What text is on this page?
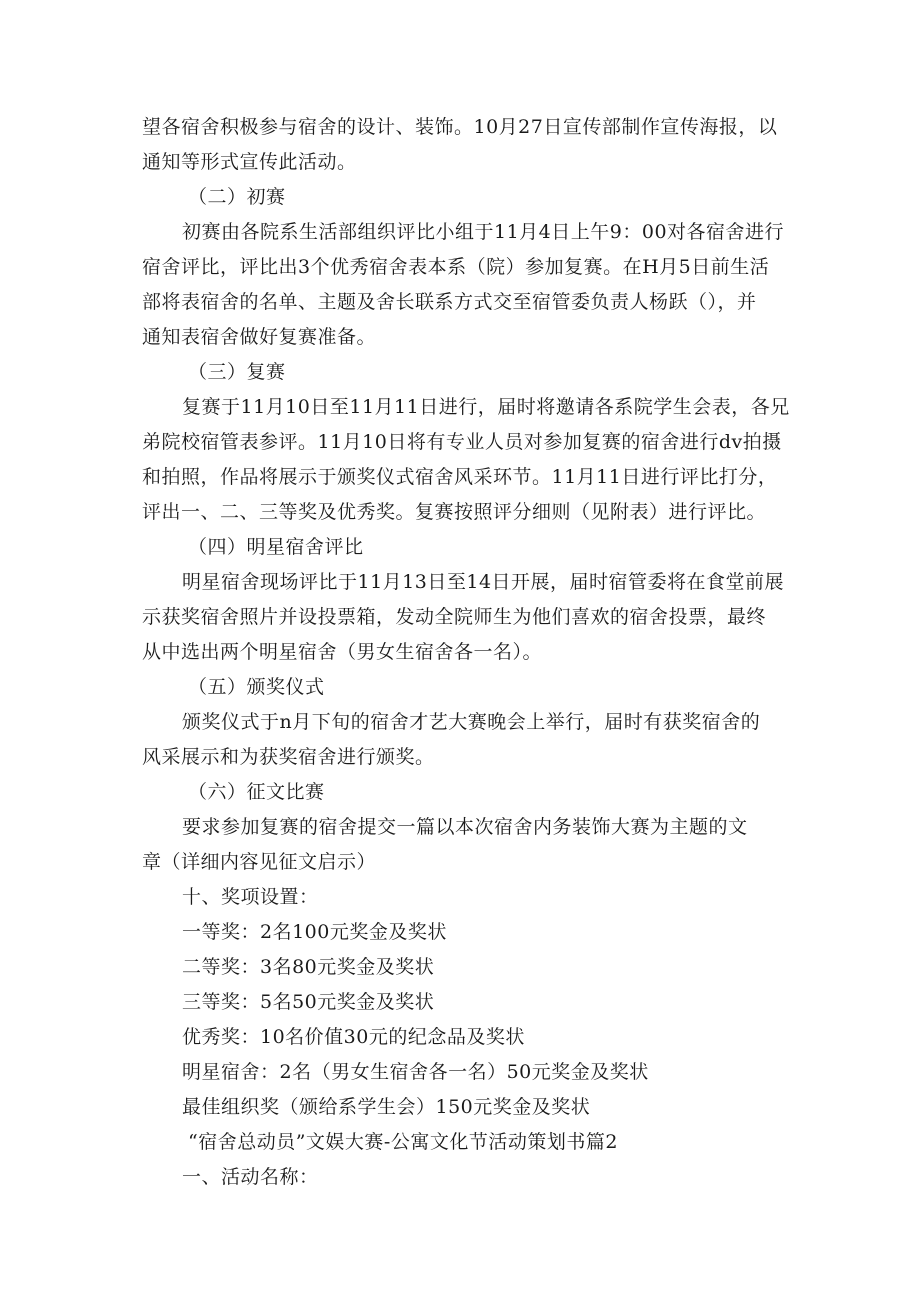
望各宿舍积极参与宿舍的设计、装饰。10月27日宣传部制作宣传海报，以
通知等形式宣传此活动。
（二）初赛
初赛由各院系生活部组织评比小组于11月4日上午9：00对各宿舍进行
宿舍评比，评比出3个优秀宿舍表本系（院）参加复赛。在H月5日前生活
部将表宿舍的名单、主题及舍长联系方式交至宿管委负责人杨跃（），并
通知表宿舍做好复赛准备。
（三）复赛
复赛于11月10日至11月11日进行，届时将邀请各系院学生会表，各兄
弟院校宿管表参评。11月10日将有专业人员对参加复赛的宿舍进行dv拍摄
和拍照，作品将展示于颁奖仪式宿舍风采环节。11月11日进行评比打分，
评出一、二、三等奖及优秀奖。复赛按照评分细则（见附表）进行评比。
（四）明星宿舍评比
明星宿舍现场评比于11月13日至14日开展，届时宿管委将在食堂前展
示获奖宿舍照片并设投票箱，发动全院师生为他们喜欢的宿舍投票，最终
从中选出两个明星宿舍（男女生宿舍各一名）。
（五）颁奖仪式
颁奖仪式于n月下旬的宿舍才艺大赛晚会上举行，届时有获奖宿舍的
风采展示和为获奖宿舍进行颁奖。
（六）征文比赛
要求参加复赛的宿舍提交一篇以本次宿舍内务装饰大赛为主题的文
章（详细内容见征文启示）
十、奖项设置：
一等奖：2名100元奖金及奖状
二等奖：3名80元奖金及奖状
三等奖：5名50元奖金及奖状
优秀奖：10名价值30元的纪念品及奖状
明星宿舍：2名（男女生宿舍各一名）50元奖金及奖状
最佳组织奖（颁给系学生会）150元奖金及奖状
“宿舍总动员”文娱大赛-公寓文化节活动策划书篇2
一、活动名称：
